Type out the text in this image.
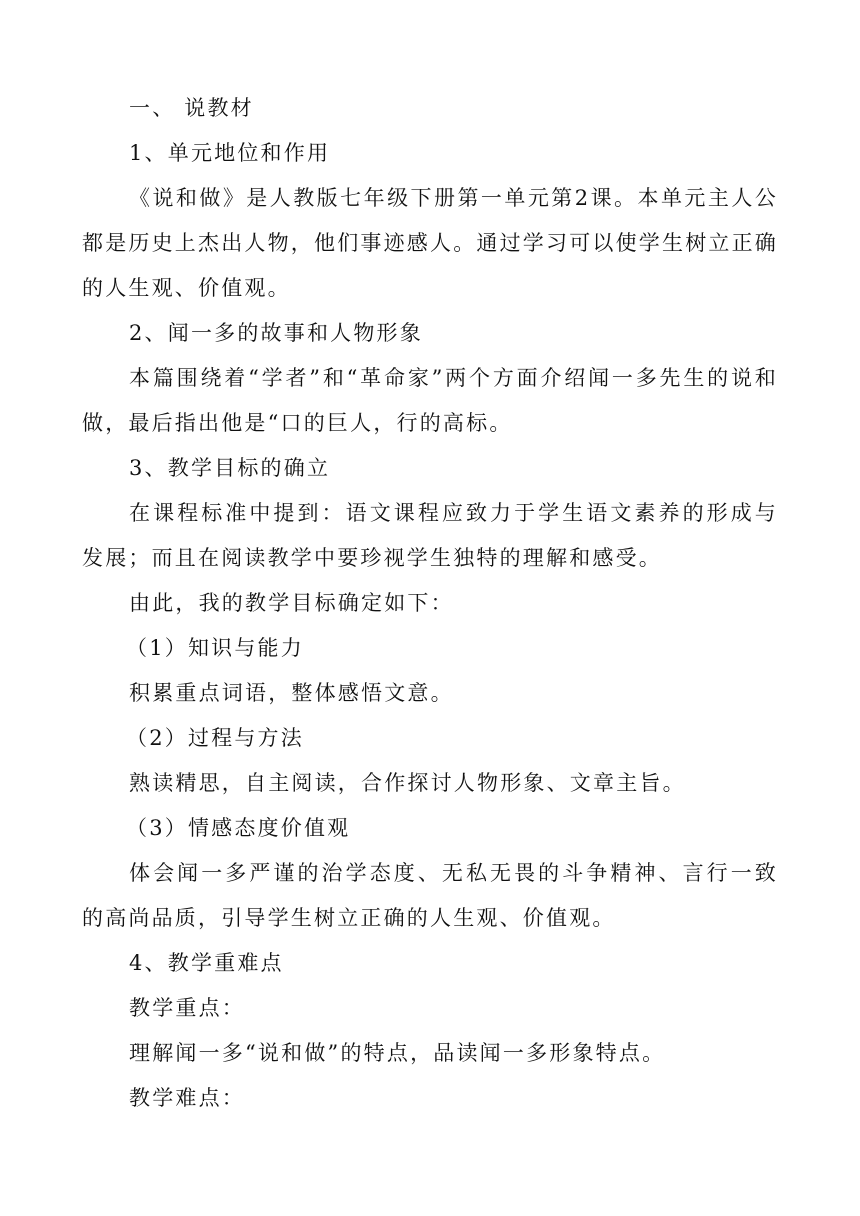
一、 说教材

1、单元地位和作用

《说和做》是人教版七年级下册第一单元第2课。本单元主人公都是历史上杰出人物，他们事迹感人。通过学习可以使学生树立正确的人生观、价值观。

2、闻一多的故事和人物形象

本篇围绕着“学者”和“革命家”两个方面介绍闻一多先生的说和做，最后指出他是“口的巨人，行的高标。

3、教学目标的确立

在课程标准中提到：语文课程应致力于学生语文素养的形成与发展；而且在阅读教学中要珍视学生独特的理解和感受。

由此，我的教学目标确定如下：

（1）知识与能力

积累重点词语，整体感悟文意。

（2）过程与方法

熟读精思，自主阅读，合作探讨人物形象、文章主旨。

（3）情感态度价值观

体会闻一多严谨的治学态度、无私无畏的斗争精神、言行一致的高尚品质，引导学生树立正确的人生观、价值观。

4、教学重难点

教学重点：

理解闻一多“说和做”的特点，品读闻一多形象特点。

教学难点：
